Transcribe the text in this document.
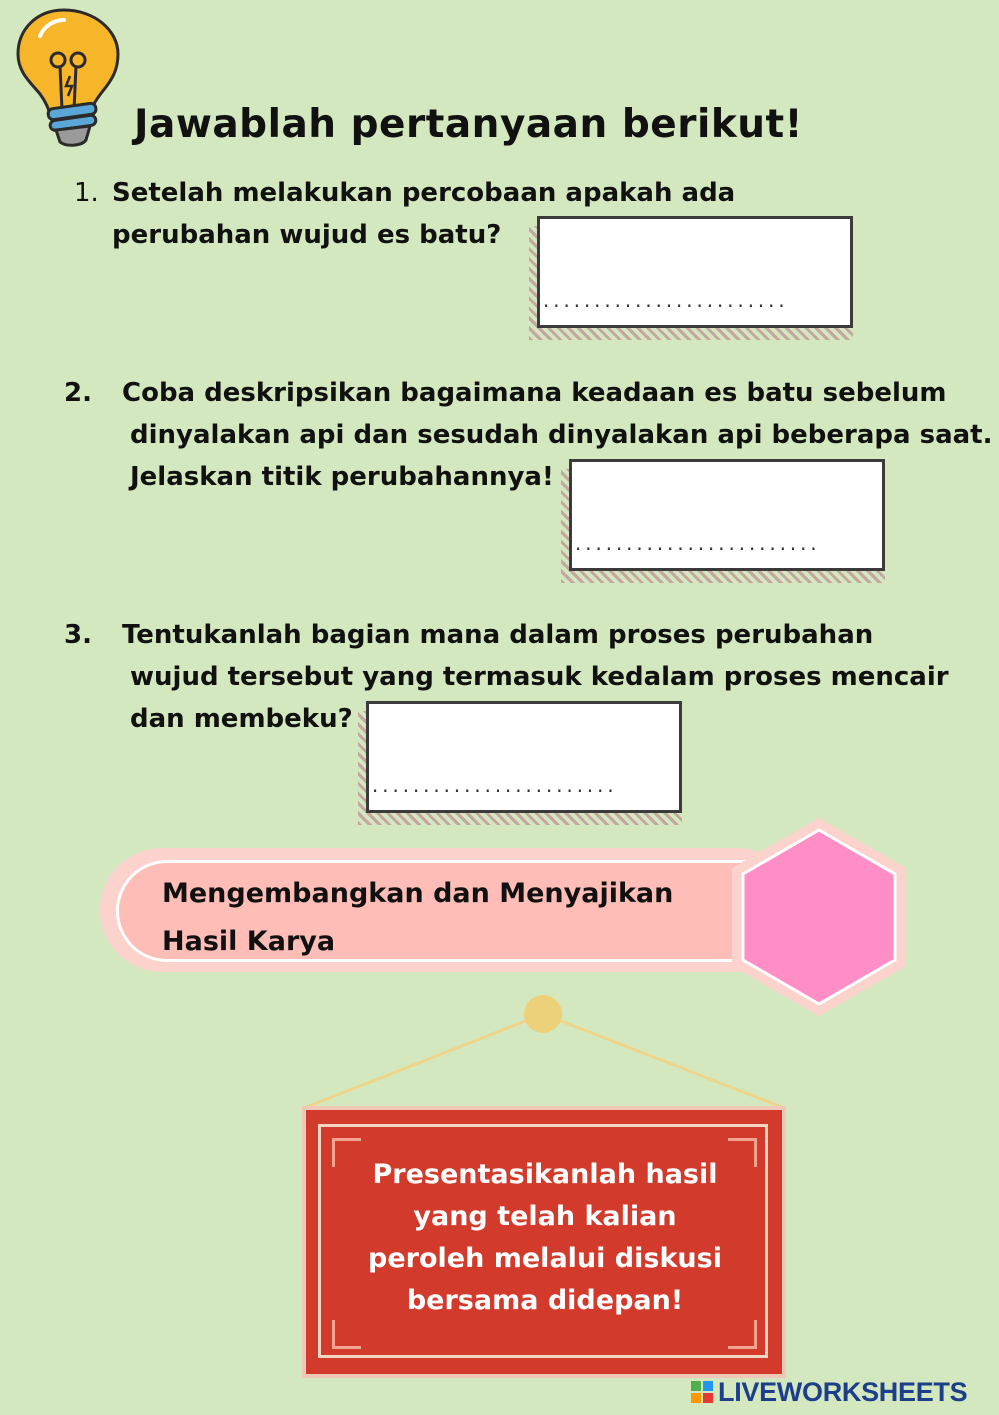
Jawablah pertanyaan berikut!
1. Setelah melakukan percobaan apakah ada
perubahan wujud es batu?
........................
2. Coba deskripsikan bagaimana keadaan es batu sebelum
dinyalakan api dan sesudah dinyalakan api beberapa saat.
Jelaskan titik perubahannya!
........................
3. Tentukanlah bagian mana dalam proses perubahan
wujud tersebut yang termasuk kedalam proses mencair
dan membeku?
........................
Mengembangkan dan Menyajikan
Hasil Karya
Presentasikanlah hasil
yang telah kalian
peroleh melalui diskusi
bersama didepan!
LIVEWORKSHEETS
